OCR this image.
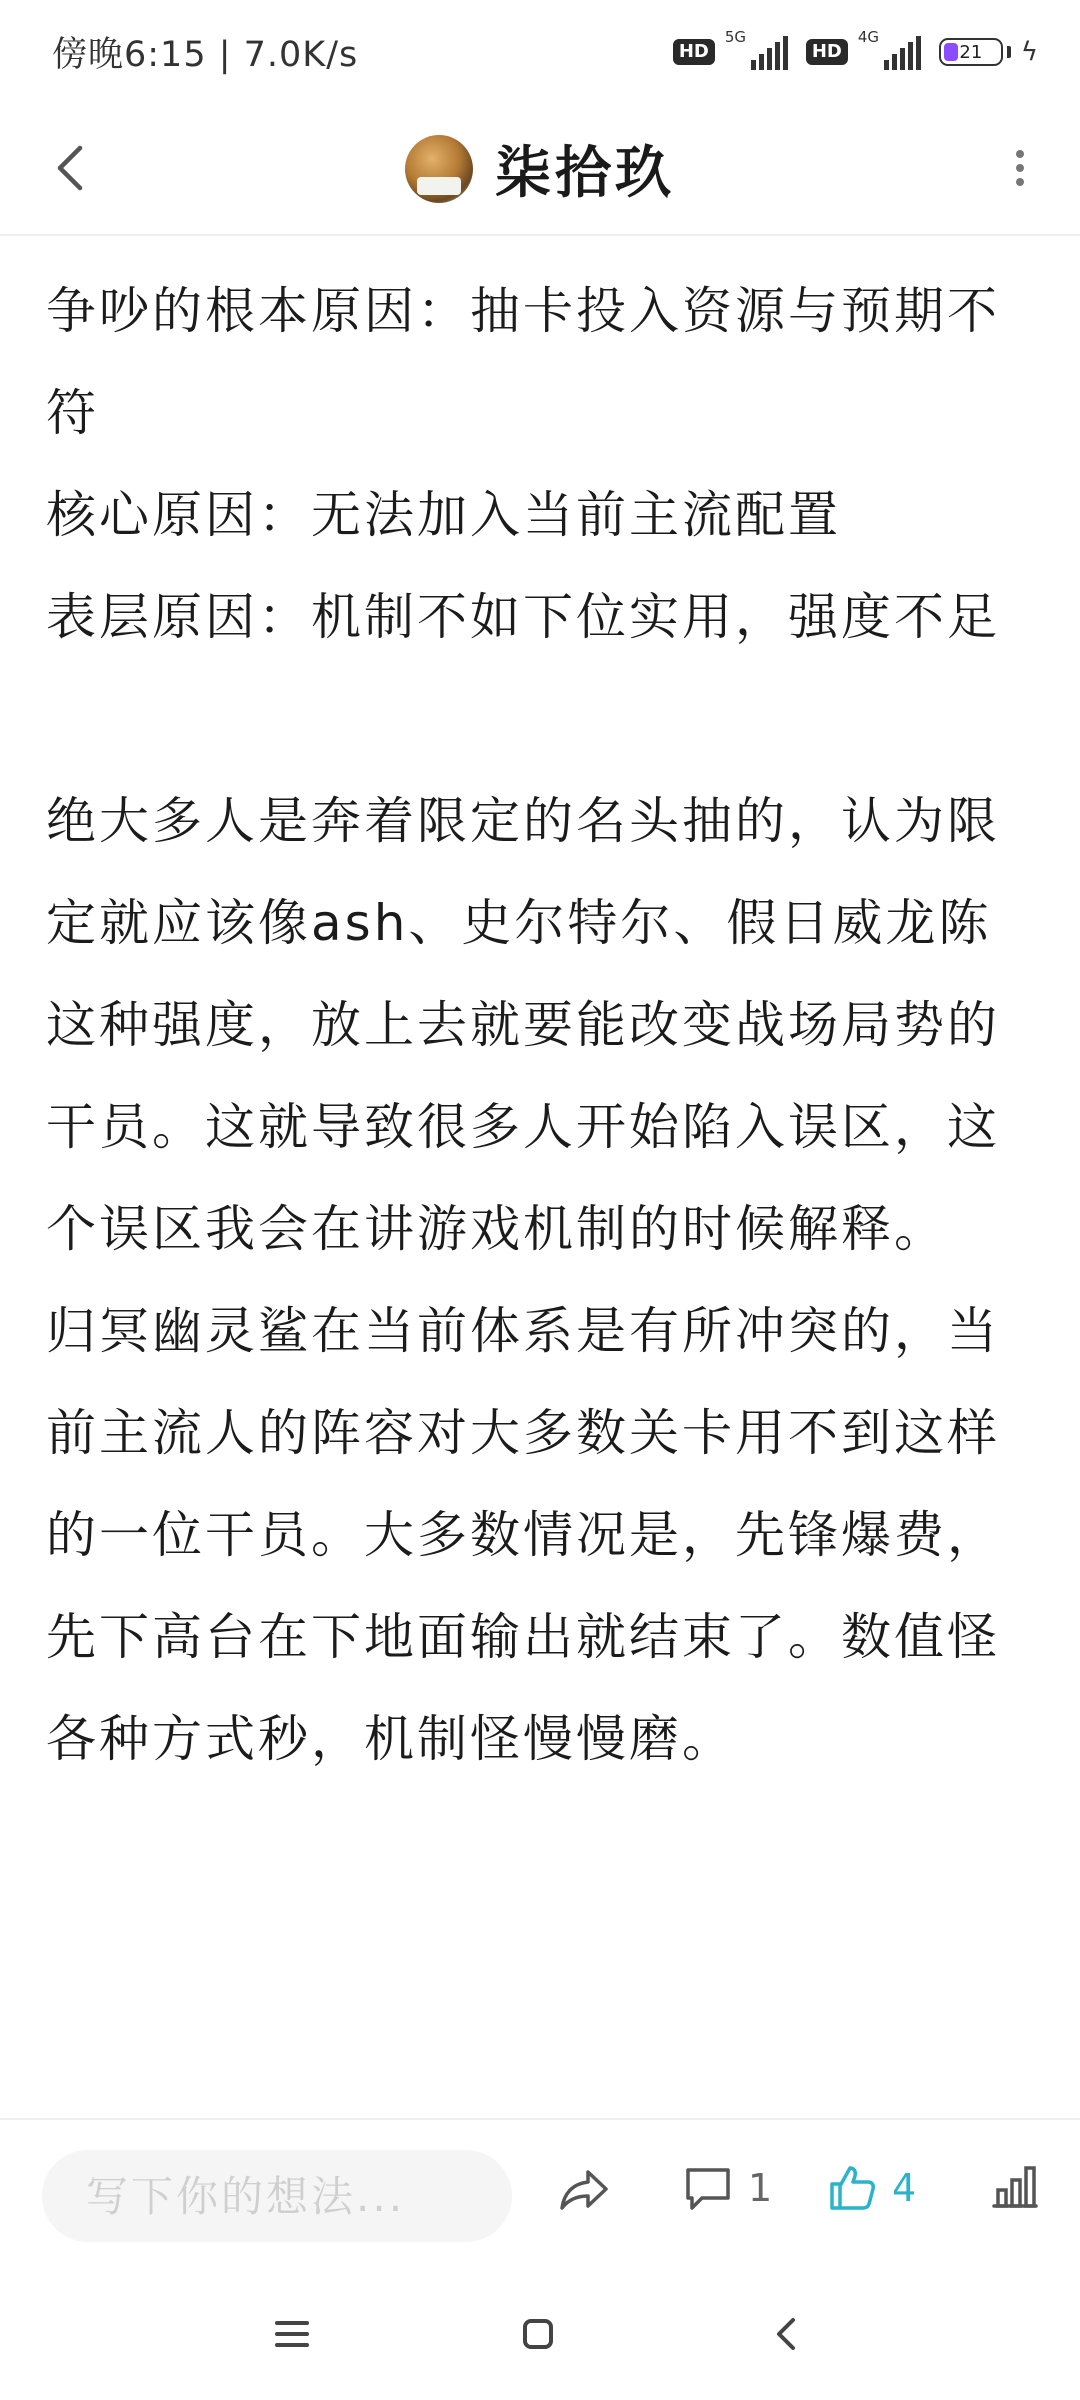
傍晚6:15 | 7.0K/s	HD
5G
HD
4G
21 ϟ
柒拾玖

争吵的根本原因：抽卡投入资源与预期不符

核心原因：无法加入当前主流配置

表层原因：机制不如下位实用，强度不足

绝大多人是奔着限定的名头抽的，认为限定就应该像ash、史尔特尔、假日威龙陈这种强度，放上去就要能改变战场局势的干员。这就导致很多人开始陷入误区，这个误区我会在讲游戏机制的时候解释。

归冥幽灵鲨在当前体系是有所冲突的，当前主流人的阵容对大多数关卡用不到这样的一位干员。大多数情况是，先锋爆费，先下高台在下地面输出就结束了。数值怪各种方式秒，机制怪慢慢磨。

写下你的想法...
1	4
